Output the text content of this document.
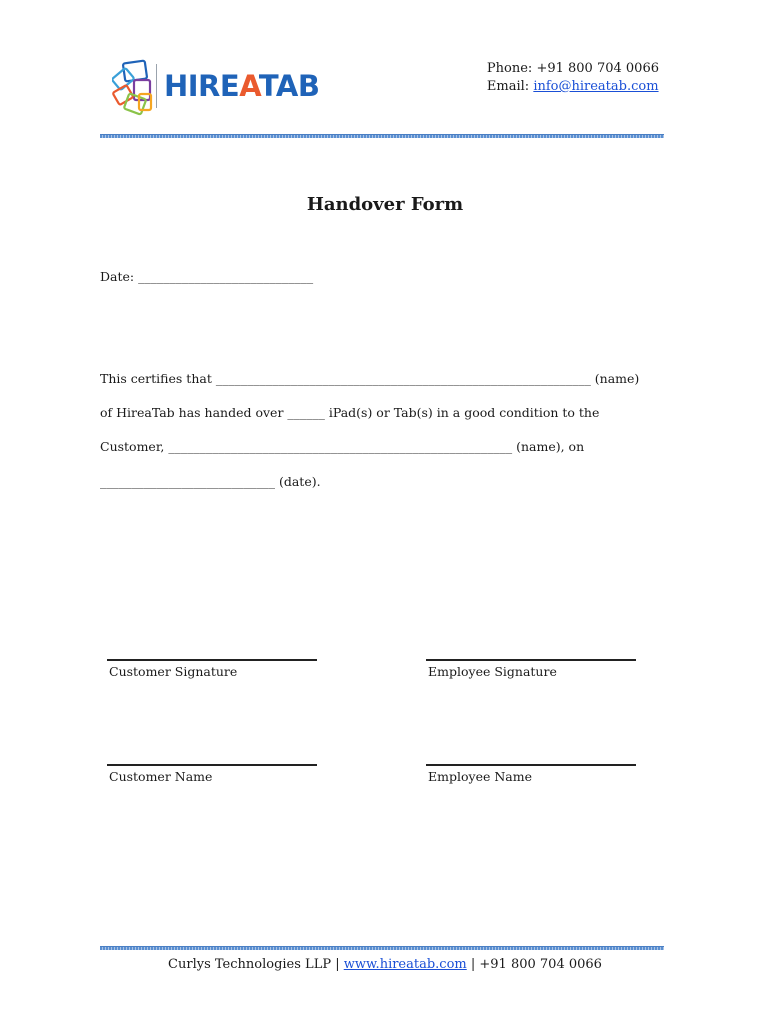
HIREATAB
Phone: +91 800 704 0066
Email: info@hireatab.com
Handover Form
Date: ____________________________
This certifies that ____________________________________________________________ (name)
of HireaTab has handed over ______ iPad(s) or Tab(s) in a good condition to the
Customer, _______________________________________________________ (name), on
____________________________ (date).
Customer Signature	Employee Signature
Customer Name	Employee Name
Curlys Technologies LLP | www.hireatab.com | +91 800 704 0066
